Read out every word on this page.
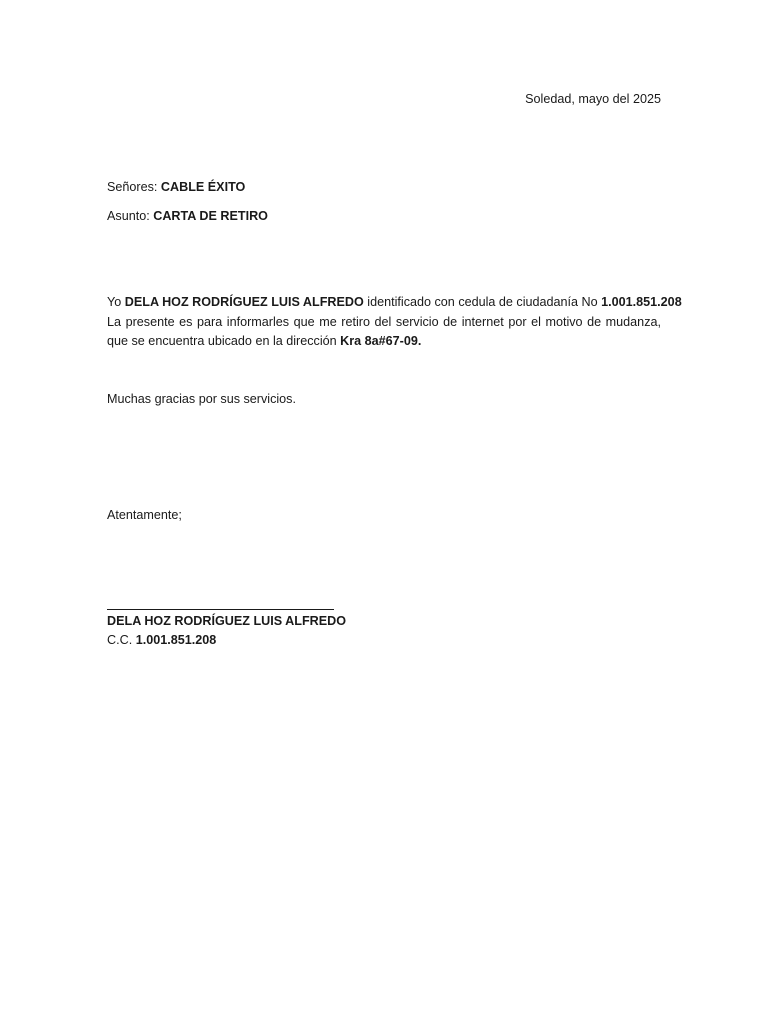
Soledad, mayo del 2025
Señores: CABLE ÉXITO
Asunto: CARTA DE RETIRO
Yo DELA HOZ RODRÍGUEZ LUIS ALFREDO identificado con cedula de ciudadanía No 1.001.851.208
La presente es para informarles que me retiro del servicio de internet por el motivo de mudanza,
que se encuentra ubicado en la dirección Kra 8a#67-09.
Muchas gracias por sus servicios.
Atentamente;
DELA HOZ RODRÍGUEZ LUIS ALFREDO
C.C. 1.001.851.208
